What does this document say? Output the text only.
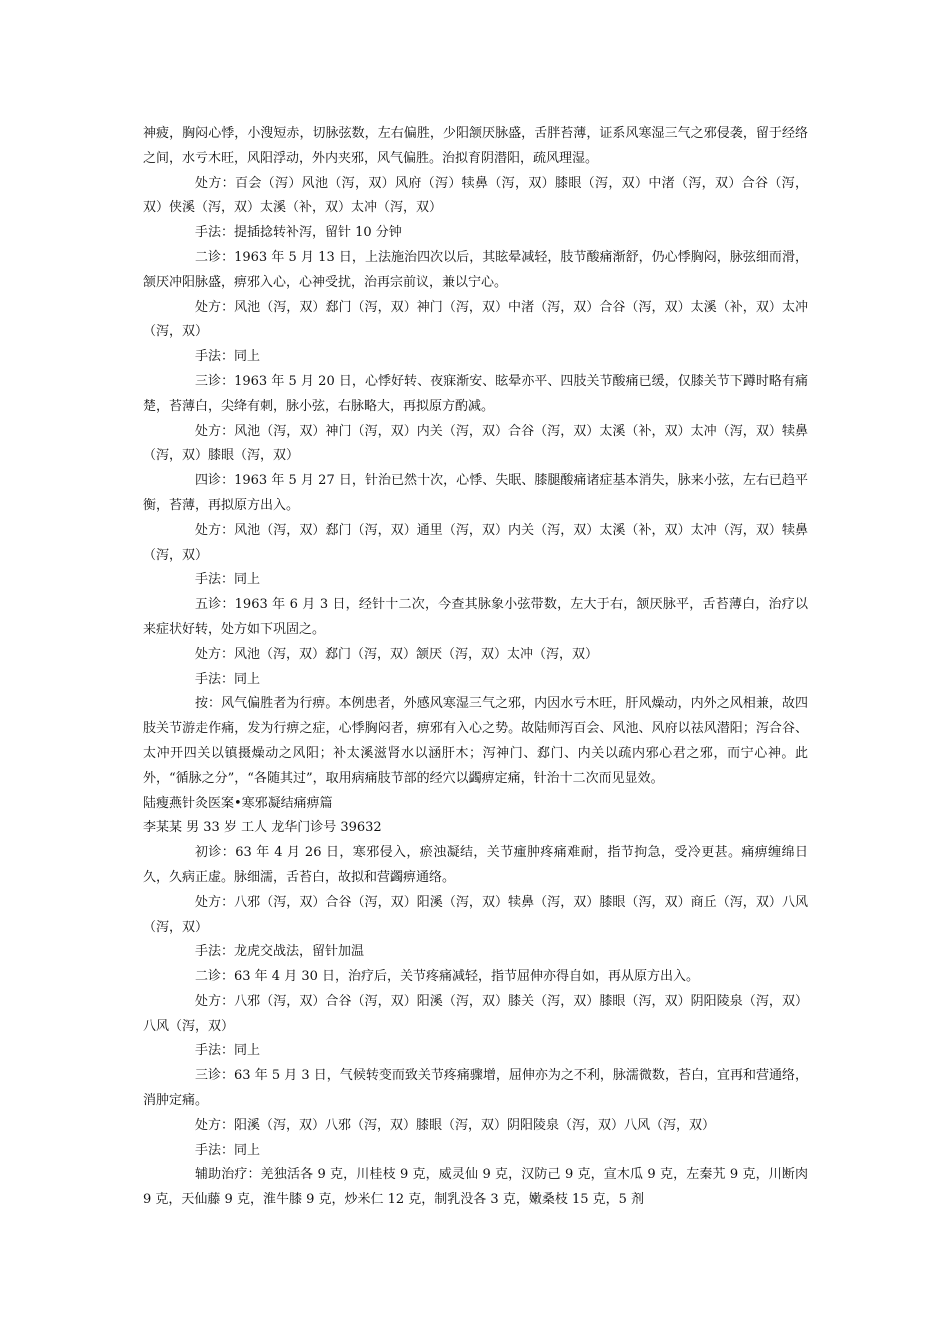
神疲，胸闷心悸，小溲短赤，切脉弦数，左右偏胜，少阳颔厌脉盛，舌胖苔薄，证系风寒湿三气之邪侵袭，留于经络之间，水亏木旺，风阳浮动，外内夹邪，风气偏胜。治拟育阴潜阳，疏风理湿。

处方：百会（泻）风池（泻，双）风府（泻）犊鼻（泻，双）膝眼（泻，双）中渚（泻，双）合谷（泻，双）侠溪（泻，双）太溪（补，双）太冲（泻，双）

手法：提插捻转补泻，留针 10 分钟

二诊：1963 年 5 月 13 日，上法施治四次以后，其眩晕减轻，肢节酸痛渐舒，仍心悸胸闷，脉弦细而滑，颔厌冲阳脉盛，痹邪入心，心神受扰，治再宗前议，兼以宁心。

处方：风池（泻，双）郄门（泻，双）神门（泻，双）中渚（泻，双）合谷（泻，双）太溪（补，双）太冲（泻，双）

手法：同上

三诊：1963 年 5 月 20 日，心悸好转、夜寐渐安、眩晕亦平、四肢关节酸痛已缓，仅膝关节下蹲时略有痛楚，苔薄白，尖绛有刺，脉小弦，右脉略大，再拟原方酌减。

处方：风池（泻，双）神门（泻，双）内关（泻，双）合谷（泻，双）太溪（补，双）太冲（泻，双）犊鼻（泻，双）膝眼（泻，双）

四诊：1963 年 5 月 27 日，针治已然十次，心悸、失眠、膝腿酸痛诸症基本消失，脉来小弦，左右已趋平衡，苔薄，再拟原方出入。

处方：风池（泻，双）郄门（泻，双）通里（泻，双）内关（泻，双）太溪（补，双）太冲（泻，双）犊鼻（泻，双）

手法：同上

五诊：1963 年 6 月 3 日，经针十二次，今查其脉象小弦带数，左大于右，颔厌脉平，舌苔薄白，治疗以来症状好转，处方如下巩固之。

处方：风池（泻，双）郄门（泻，双）颔厌（泻，双）太冲（泻，双）

手法：同上

按：风气偏胜者为行痹。本例患者，外感风寒湿三气之邪，内因水亏木旺，肝风燥动，内外之风相兼，故四肢关节游走作痛，发为行痹之症，心悸胸闷者，痹邪有入心之势。故陆师泻百会、风池、风府以祛风潜阳；泻合谷、太冲开四关以镇摄燥动之风阳；补太溪滋肾水以涵肝木；泻神门、郄门、内关以疏内邪心君之邪，而宁心神。此外，“循脉之分”，“各随其过”，取用病痛肢节部的经穴以蠲痹定痛，针治十二次而见显效。

陆瘦燕针灸医案•寒邪凝结痛痹篇

李某某 男 33 岁 工人 龙华门诊号 39632

初诊：63 年 4 月 26 日，寒邪侵入，瘀浊凝结，关节瘇肿疼痛难耐，指节拘急，受冷更甚。痛痹缠绵日久，久病正虚。脉细濡，舌苔白，故拟和营蠲痹通络。

处方：八邪（泻，双）合谷（泻，双）阳溪（泻，双）犊鼻（泻，双）膝眼（泻，双）商丘（泻，双）八风（泻，双）

手法：龙虎交战法，留针加温

二诊：63 年 4 月 30 日，治疗后，关节疼痛减轻，指节屈伸亦得自如，再从原方出入。

处方：八邪（泻，双）合谷（泻，双）阳溪（泻，双）膝关（泻，双）膝眼（泻，双）阴阳陵泉（泻，双）八风（泻，双）

手法：同上

三诊：63 年 5 月 3 日，气候转变而致关节疼痛骤增，屈伸亦为之不利，脉濡微数，苔白，宜再和营通络，消肿定痛。

处方：阳溪（泻，双）八邪（泻，双）膝眼（泻，双）阴阳陵泉（泻，双）八风（泻，双）

手法：同上

辅助治疗：羌独活各 9 克，川桂枝 9 克，威灵仙 9 克，汉防己 9 克，宣木瓜 9 克，左秦艽 9 克，川断肉 9 克，天仙藤 9 克，淮牛膝 9 克，炒米仁 12 克，制乳没各 3 克，嫩桑枝 15 克，5 剂
